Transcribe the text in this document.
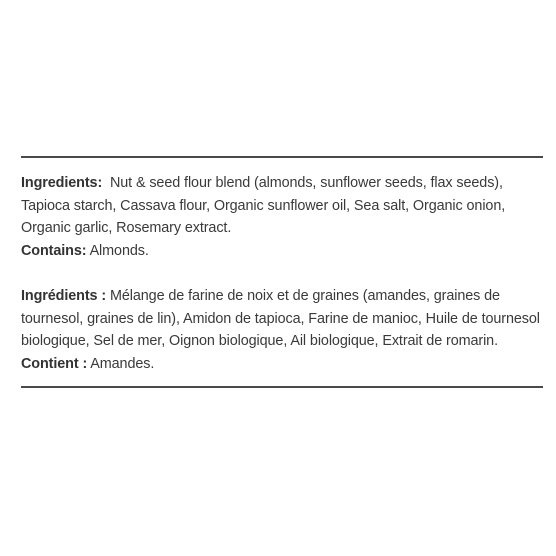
Ingredients: Nut & seed flour blend (almonds, sunflower seeds, flax seeds), Tapioca starch, Cassava flour, Organic sunflower oil, Sea salt, Organic onion, Organic garlic, Rosemary extract.

Contains: Almonds.

Ingrédients : Mélange de farine de noix et de graines (amandes, graines de tournesol, graines de lin), Amidon de tapioca, Farine de manioc, Huile de tournesol biologique, Sel de mer, Oignon biologique, Ail biologique, Extrait de romarin.

Contient : Amandes.
